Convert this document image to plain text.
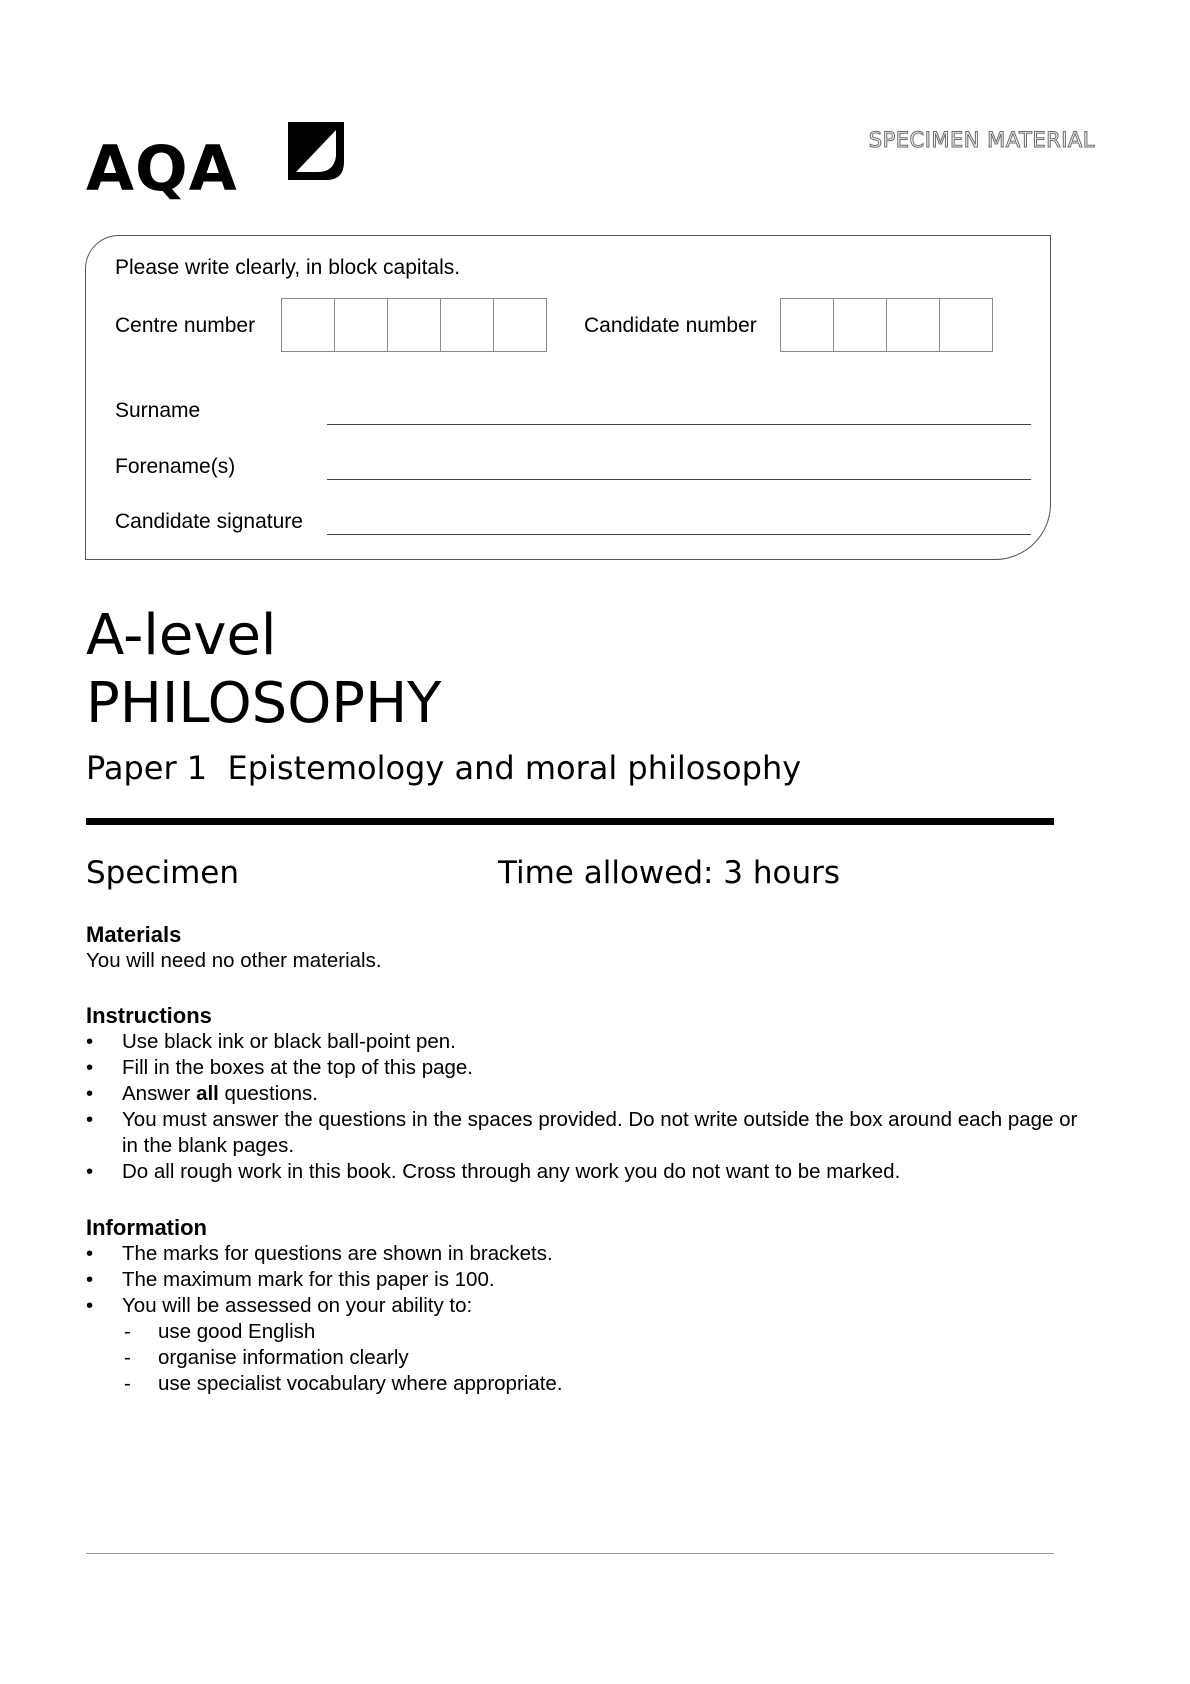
AQA	SPECIMEN MATERIAL
Please write clearly, in block capitals.
Centre number	Candidate number
Surname
Forename(s)
Candidate signature
A-level
PHILOSOPHY
Paper 1  Epistemology and moral philosophy
Specimen	Time allowed: 3 hours
Materials
You will need no other materials.
Instructions
• Use black ink or black ball-point pen.
• Fill in the boxes at the top of this page.
• Answer all questions.
• You must answer the questions in the spaces provided. Do not write outside the box around each page or in the blank pages.
• Do all rough work in this book. Cross through any work you do not want to be marked.
Information
• The marks for questions are shown in brackets.
• The maximum mark for this paper is 100.
• You will be assessed on your ability to:
- use good English
- organise information clearly
- use specialist vocabulary where appropriate.
